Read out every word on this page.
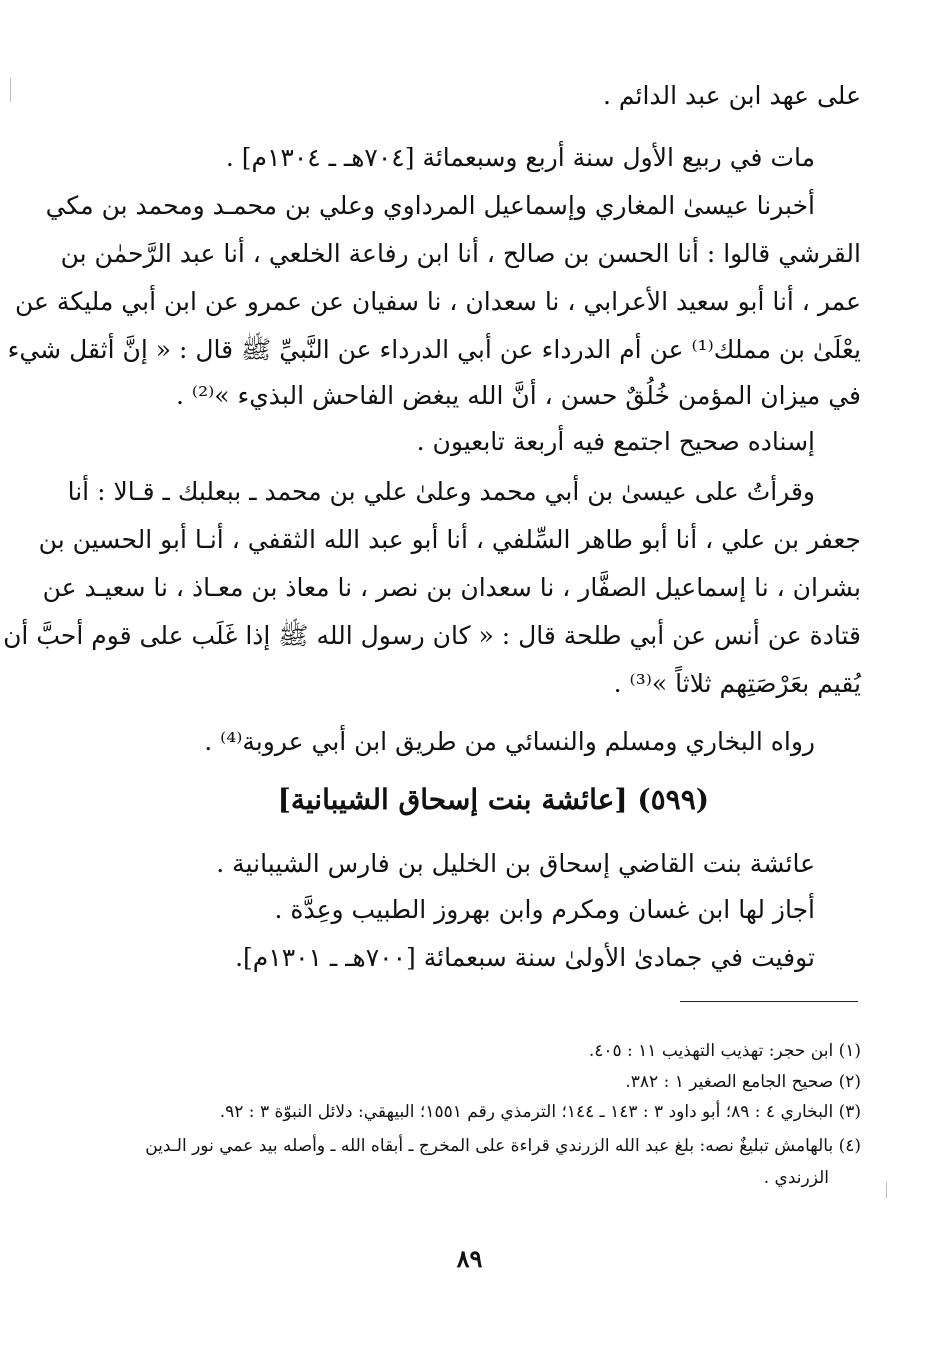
على عهد ابن عبد الدائم .
مات في ربيع الأول سنة أربع وسبعمائة [٧٠٤هـ ـ ١٣٠٤م] .
أخبرنا عيسىٰ المغاري وإسماعيل المرداوي وعلي بن محمـد ومحمد بن مكي
القرشي قالوا : أنا الحسن بن صالح ، أنا ابن رفاعة الخلعي ، أنا عبد الرَّحمٰن بن
عمر ، أنا أبو سعيد الأعرابي ، نا سعدان ، نا سفيان عن عمرو عن ابن أبي مليكة عن
يعْلَىٰ بن مملك⁽¹⁾ عن أم الدرداء عن أبي الدرداء عن النَّبيِّ ﷺ قال : « إنَّ أثقل شيء
في ميزان المؤمن خُلُقٌ حسن ، أنَّ الله يبغض الفاحش البذيء »⁽²⁾ .
إسناده صحيح اجتمع فيه أربعة تابعيون .
وقرأتُ على عيسىٰ بن أبي محمد وعلىٰ علي بن محمد ـ ببعلبك ـ قـالا : أنا
جعفر بن علي ، أنا أبو طاهر السِّلفي ، أنا أبو عبد الله الثقفي ، أنـا أبو الحسين بن
بشران ، نا إسماعيل الصفَّار ، نا سعدان بن نصر ، نا معاذ بن معـاذ ، نا سعيـد عن
قتادة عن أنس عن أبي طلحة قال : « كان رسول الله ﷺ إذا غَلَب على قوم أحبَّ أن
يُقيم بعَرْصَتِهم ثلاثاً »⁽³⁾ .
رواه البخاري ومسلم والنسائي من طريق ابن أبي عروبة⁽⁴⁾ .
(٥٩٩) [عائشة بنت إسحاق الشيبانية]
عائشة بنت القاضي إسحاق بن الخليل بن فارس الشيبانية .
أجاز لها ابن غسان ومكرم وابن بهروز الطبيب وعِدَّة .
توفيت في جمادىٰ الأولىٰ سنة سبعمائة [٧٠٠هـ ـ ١٣٠١م].
(١) ابن حجر: تهذيب التهذيب ١١ : ٤٠٥.
(٢) صحيح الجامع الصغير ١ : ٣٨٢.
(٣) البخاري ٤ : ٨٩؛ أبو داود ٣ : ١٤٣ ـ ١٤٤؛ الترمذي رقم ١٥٥١؛ البيهقي: دلائل النبوّة ٣ : ٩٢.
(٤) بالهامش تبليغٌ نصه: بلغ عبد الله الزرندي قراءة على المخرج ـ أبقاه الله ـ وأصله بيد عمي نور الـدين
الزرندي .
٨٩
